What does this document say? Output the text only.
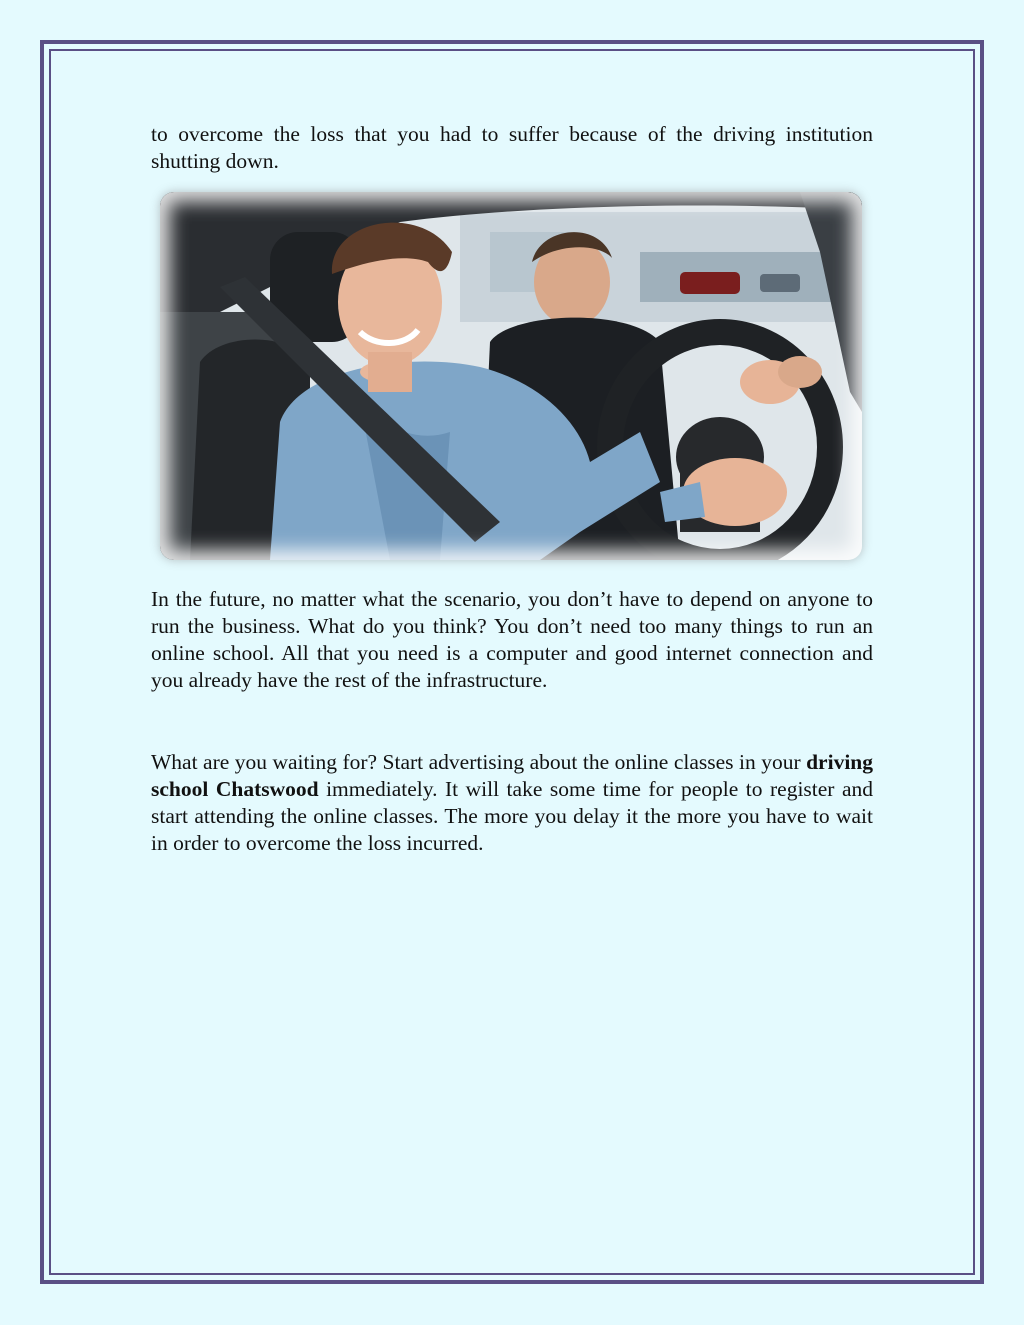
to overcome the loss that you had to suffer because of the driving institution shutting down.

In the future, no matter what the scenario, you don’t have to depend on anyone to run the business. What do you think? You don’t need too many things to run an online school. All that you need is a computer and good internet connection and you already have the rest of the infrastructure.

What are you waiting for? Start advertising about the online classes in your driving school Chatswood immediately. It will take some time for people to register and start attending the online classes. The more you delay it the more you have to wait in order to overcome the loss incurred.
